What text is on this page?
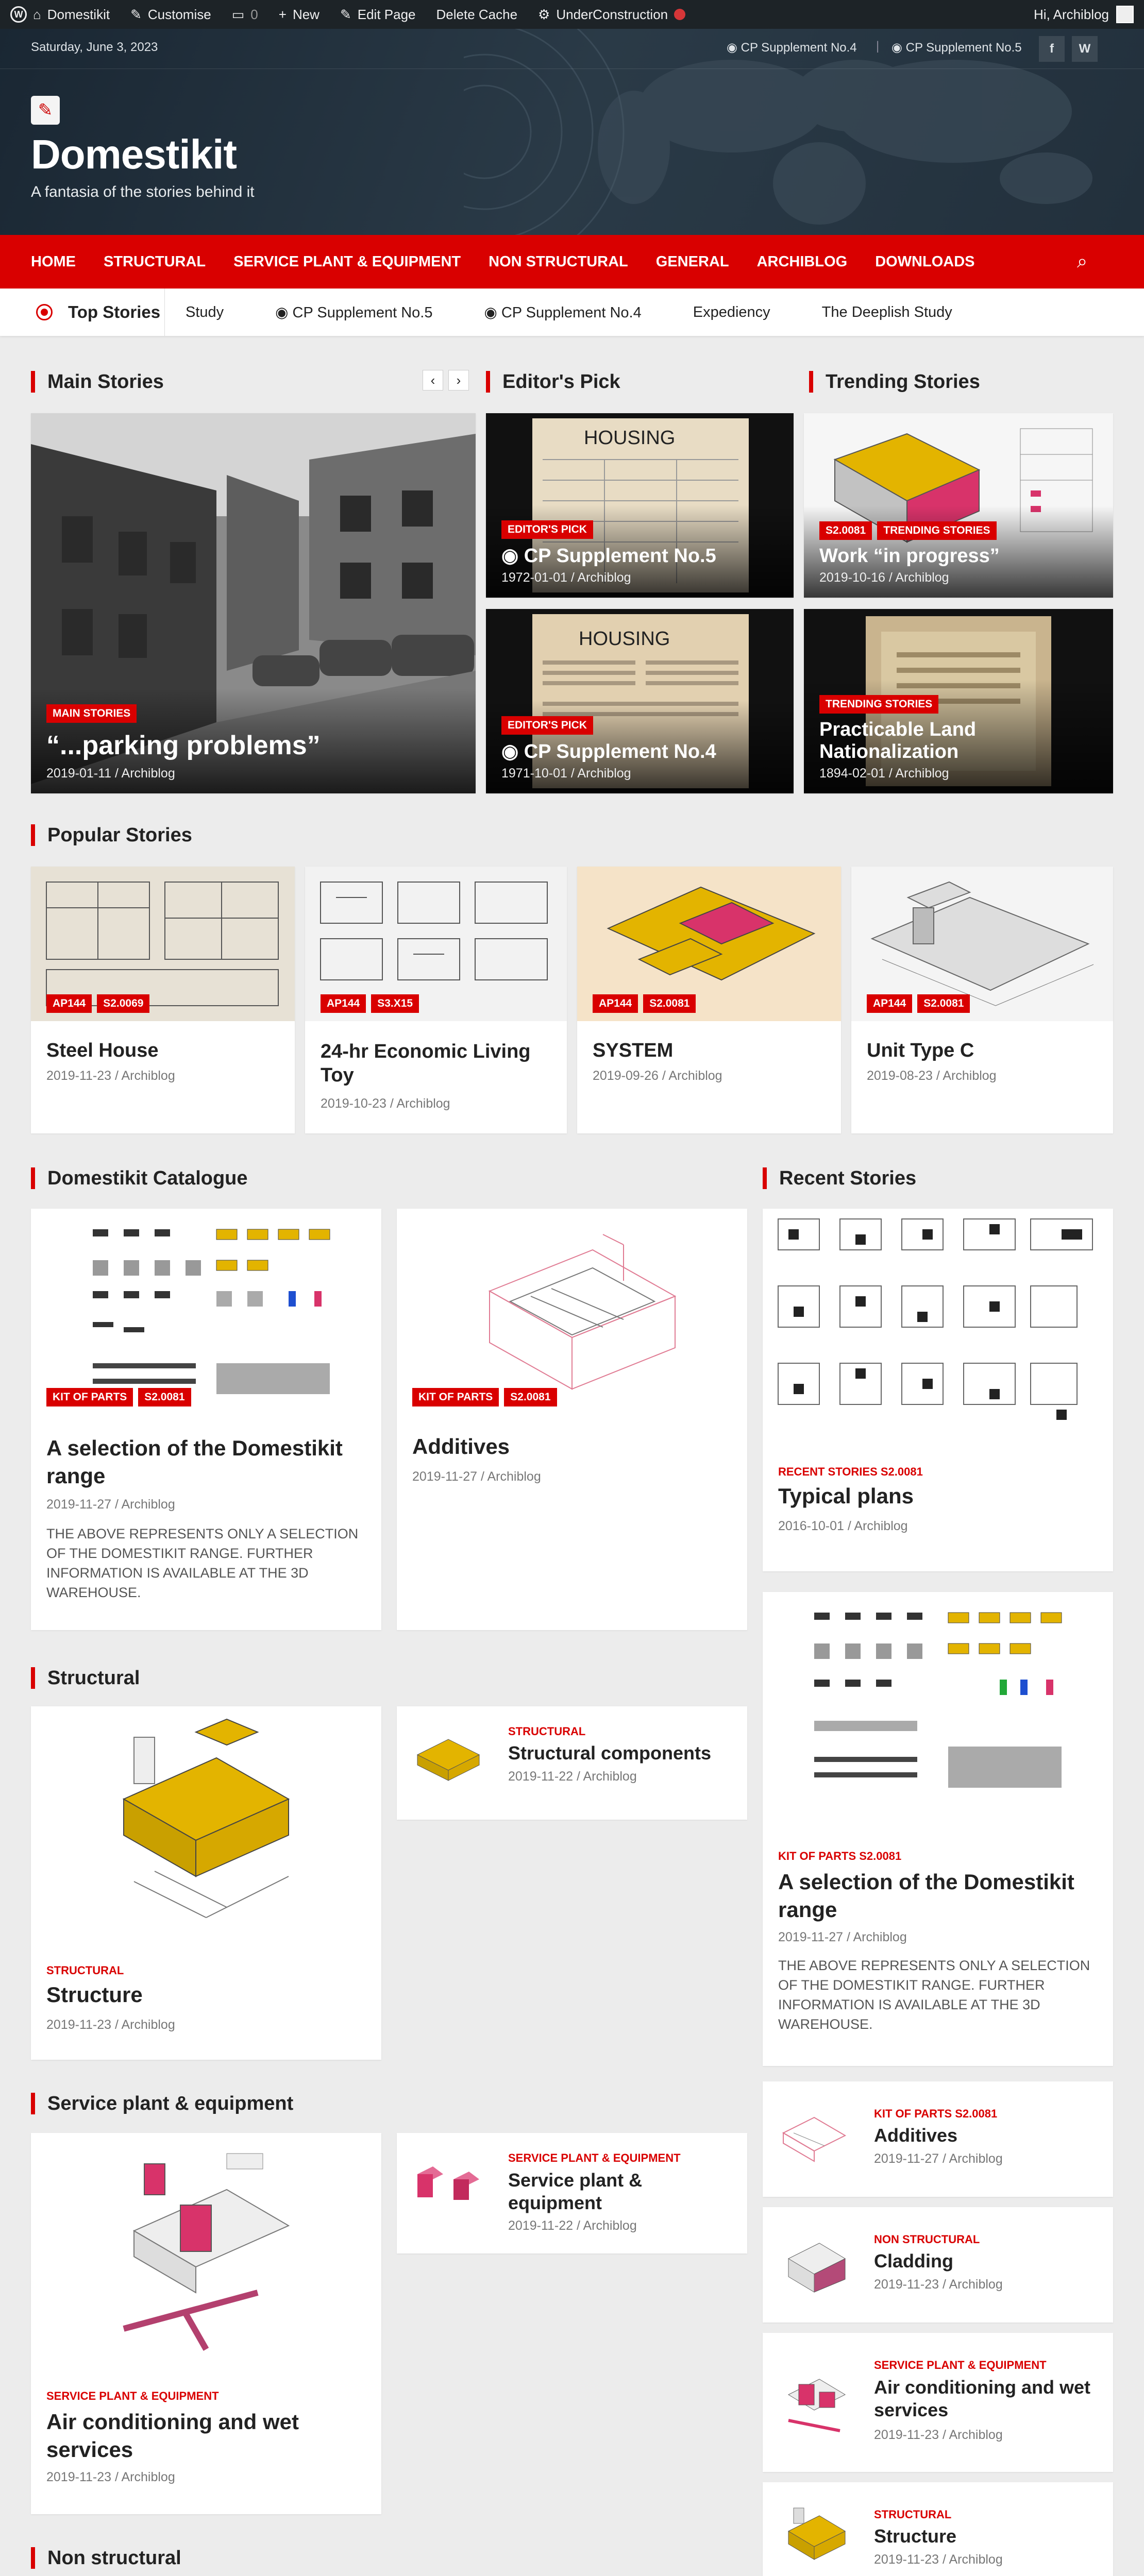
W ⌂ Domestikit ✎ Customise ▭ 0 + New ✎ Edit Page Delete Cache ⚙ UnderConstruction	Hi, Archiblog
Saturday, June 3, 2023	◉ CP Supplement No.4 | ◉ CP Supplement No.5	f	W
✎
Domestikit
A fantasia of the stories behind it
HOME STRUCTURAL SERVICE PLANT & EQUIPMENT NON STRUCTURAL GENERAL ARCHIBLOG DOWNLOADS	⌕
Top Stories Study	◉ CP Supplement No.5	◉ CP Supplement No.4	Expediency	The Deeplish Study
Main Stories	‹	›	Editor's Pick	Trending Stories
MAIN STORIES
“...parking problems”
2019-01-11 / Archiblog
HOUSING
EDITOR'S PICK
◉ CP Supplement No.5
1972-01-01 / Archiblog
HOUSING
EDITOR'S PICK
◉ CP Supplement No.4
1971-10-01 / Archiblog
S2.0081 TRENDING STORIES
Work “in progress”
2019-10-16 / Archiblog
TRENDING STORIES
Practicable Land Nationalization
1894-02-01 / Archiblog
Popular Stories
AP144 S2.0069
Steel House
2019-11-23 / Archiblog
AP144 S3.X15
24-hr Economic Living Toy
2019-10-23 / Archiblog
AP144 S2.0081
SYSTEM
2019-09-26 / Archiblog
AP144 S2.0081
Unit Type C
2019-08-23 / Archiblog
Domestikit Catalogue	Recent Stories
KIT OF PARTS S2.0081
A selection of the Domestikit range
2019-11-27 / Archiblog
THE ABOVE REPRESENTS ONLY A SELECTION OF THE DOMESTIKIT RANGE. FURTHER INFORMATION IS AVAILABLE AT THE 3D WAREHOUSE.
KIT OF PARTS S2.0081
Additives
2019-11-27 / Archiblog	RECENT STORIES S2.0081
Typical plans
2016-10-01 / Archiblog
KIT OF PARTS S2.0081
A selection of the Domestikit range
2019-11-27 / Archiblog
THE ABOVE REPRESENTS ONLY A SELECTION OF THE DOMESTIKIT RANGE. FURTHER INFORMATION IS AVAILABLE AT THE 3D WAREHOUSE.
KIT OF PARTS S2.0081
Additives
2019-11-27 / Archiblog
NON STRUCTURAL
Cladding
2019-11-23 / Archiblog
SERVICE PLANT & EQUIPMENT
Air conditioning and wet services
2019-11-23 / Archiblog
STRUCTURAL
Structure
2019-11-23 / Archiblog
Structural
STRUCTURAL
Structure
2019-11-23 / Archiblog
STRUCTURAL
Structural components
2019-11-22 / Archiblog
Service plant & equipment
SERVICE PLANT & EQUIPMENT
Air conditioning and wet services
2019-11-23 / Archiblog
SERVICE PLANT & EQUIPMENT
Service plant & equipment
2019-11-22 / Archiblog
Non structural
